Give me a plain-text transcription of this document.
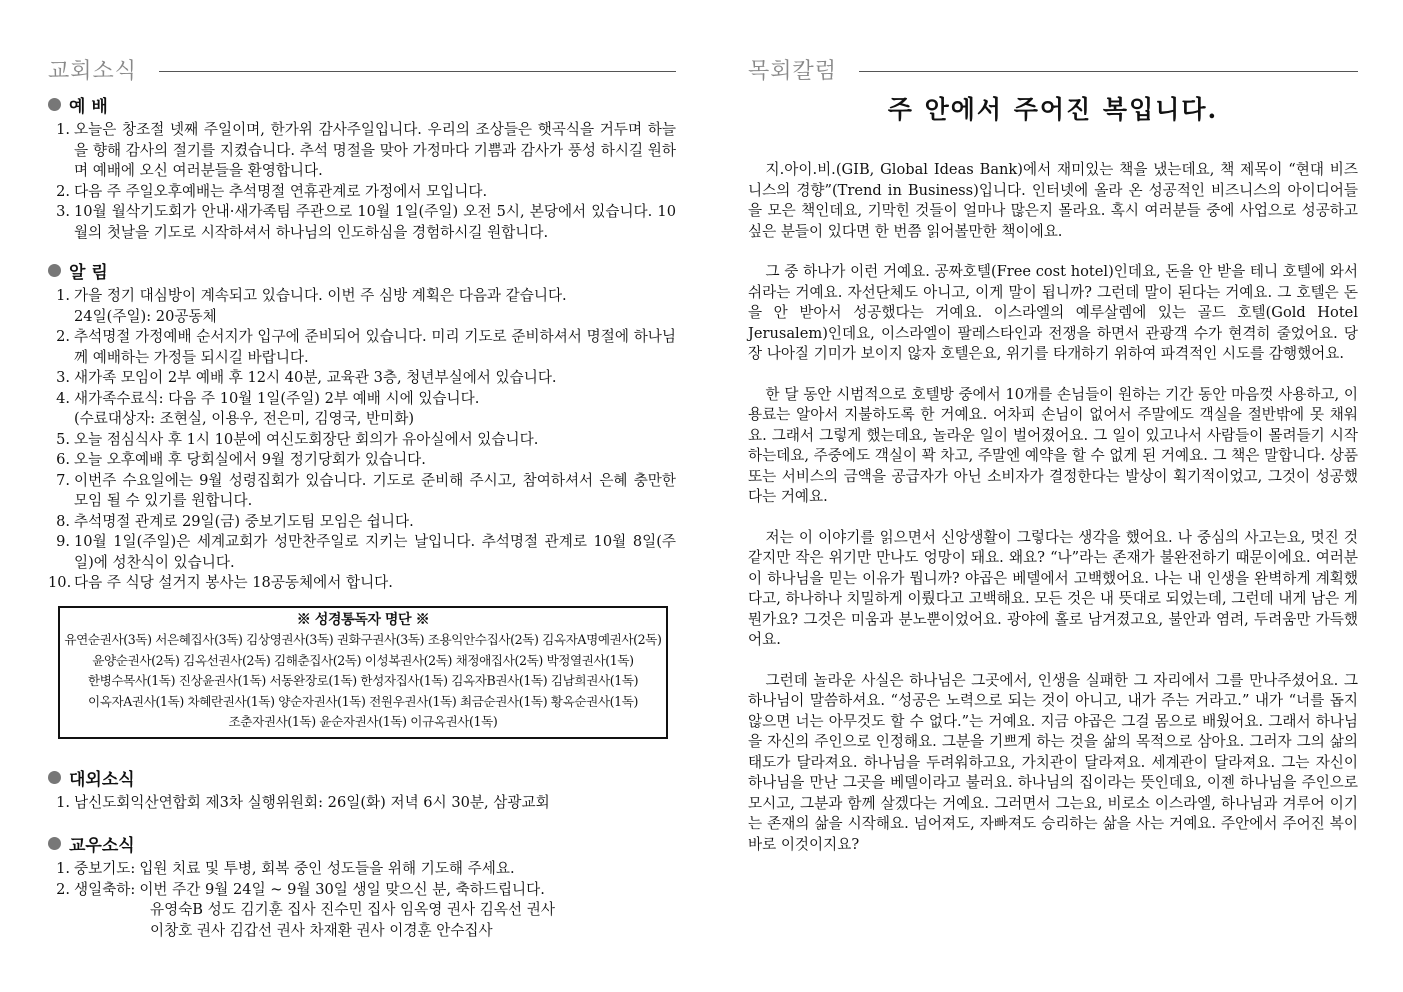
교회소식
예 배
1. 오늘은 창조절 넷째 주일이며, 한가위 감사주일입니다. 우리의 조상들은 햇곡식을 거두며 하늘을 향해 감사의 절기를 지켰습니다. 추석 명절을 맞아 가정마다 기쁨과 감사가 풍성 하시길 원하며 예배에 오신 여러분들을 환영합니다.
2. 다음 주 주일오후예배는 추석명절 연휴관계로 가정에서 모입니다.
3. 10월 월삭기도회가 안내·새가족팀 주관으로 10월 1일(주일) 오전 5시, 본당에서 있습니다. 10월의 첫날을 기도로 시작하셔서 하나님의 인도하심을 경험하시길 원합니다.
알 림
1. 가을 정기 대심방이 계속되고 있습니다. 이번 주 심방 계획은 다음과 같습니다.
24일(주일): 20공동체
2. 추석명절 가정예배 순서지가 입구에 준비되어 있습니다. 미리 기도로 준비하셔서 명절에 하나님께 예배하는 가정들 되시길 바랍니다.
3. 새가족 모임이 2부 예배 후 12시 40분, 교육관 3층, 청년부실에서 있습니다.
4. 새가족수료식: 다음 주 10월 1일(주일) 2부 예배 시에 있습니다.
(수료대상자: 조현실, 이용우, 전은미, 김영국, 반미화)
5. 오늘 점심식사 후 1시 10분에 여신도회장단 회의가 유아실에서 있습니다.
6. 오늘 오후예배 후 당회실에서 9월 정기당회가 있습니다.
7. 이번주 수요일에는 9월 성령집회가 있습니다. 기도로 준비해 주시고, 참여하셔서 은혜 충만한 모임 될 수 있기를 원합니다.
8. 추석명절 관계로 29일(금) 중보기도팀 모임은 쉽니다.
9. 10월 1일(주일)은 세계교회가 성만찬주일로 지키는 날입니다. 추석명절 관계로 10월 8일(주일)에 성찬식이 있습니다.
10. 다음 주 식당 설거지 봉사는 18공동체에서 합니다.
※ 성경통독자 명단 ※
유연순권사(3독) 서은혜집사(3독) 김상영권사(3독) 권화구권사(3독) 조용익안수집사(2독) 김옥자A명예권사(2독)
윤양순권사(2독) 김옥선권사(2독) 김해춘집사(2독) 이성복권사(2독) 채정애집사(2독) 박정열권사(1독)
한병수목사(1독) 진상윤권사(1독) 서동완장로(1독) 한성자집사(1독) 김옥자B권사(1독) 김남희권사(1독)
이옥자A권사(1독) 차혜란권사(1독) 양순자권사(1독) 전원우권사(1독) 최금순권사(1독) 황옥순권사(1독)
조춘자권사(1독) 윤순자권사(1독) 이규옥권사(1독)
대외소식
1. 남신도회익산연합회 제3차 실행위원회: 26일(화) 저녁 6시 30분, 삼광교회
교우소식
1. 중보기도: 입원 치료 및 투병, 회복 중인 성도들을 위해 기도해 주세요.
2. 생일축하: 이번 주간 9월 24일 ~ 9월 30일 생일 맞으신 분, 축하드립니다.
유영숙B 성도 김기훈 집사 진수민 집사 임옥영 권사 김옥선 권사
이창호 권사 김갑선 권사 차재환 권사 이경훈 안수집사
목회칼럼
주 안에서 주어진 복입니다.

지.아이.비.(GIB, Global Ideas Bank)에서 재미있는 책을 냈는데요, 책 제목이 “현대 비즈니스의 경향”(Trend in Business)입니다. 인터넷에 올라 온 성공적인 비즈니스의 아이디어들을 모은 책인데요, 기막힌 것들이 얼마나 많은지 몰라요. 혹시 여러분들 중에 사업으로 성공하고 싶은 분들이 있다면 한 번쯤 읽어볼만한 책이에요.

그 중 하나가 이런 거예요. 공짜호텔(Free cost hotel)인데요, 돈을 안 받을 테니 호텔에 와서 쉬라는 거예요. 자선단체도 아니고, 이게 말이 됩니까? 그런데 말이 된다는 거예요. 그 호텔은 돈을 안 받아서 성공했다는 거예요. 이스라엘의 예루살렘에 있는 골드 호텔(Gold Hotel Jerusalem)인데요, 이스라엘이 팔레스타인과 전쟁을 하면서 관광객 수가 현격히 줄었어요. 당장 나아질 기미가 보이지 않자 호텔은요, 위기를 타개하기 위하여 파격적인 시도를 감행했어요.

한 달 동안 시범적으로 호텔방 중에서 10개를 손님들이 원하는 기간 동안 마음껏 사용하고, 이용료는 알아서 지불하도록 한 거예요. 어차피 손님이 없어서 주말에도 객실을 절반밖에 못 채워요. 그래서 그렇게 했는데요, 놀라운 일이 벌어졌어요. 그 일이 있고나서 사람들이 몰려들기 시작하는데요, 주중에도 객실이 꽉 차고, 주말엔 예약을 할 수 없게 된 거예요. 그 책은 말합니다. 상품 또는 서비스의 금액을 공급자가 아닌 소비자가 결정한다는 발상이 획기적이었고, 그것이 성공했다는 거예요.

저는 이 이야기를 읽으면서 신앙생활이 그렇다는 생각을 했어요. 나 중심의 사고는요, 멋진 것 같지만 작은 위기만 만나도 엉망이 돼요. 왜요? “나”라는 존재가 불완전하기 때문이에요. 여러분이 하나님을 믿는 이유가 뭡니까? 야곱은 베델에서 고백했어요. 나는 내 인생을 완벽하게 계획했다고, 하나하나 치밀하게 이뤘다고 고백해요. 모든 것은 내 뜻대로 되었는데, 그런데 내게 남은 게 뭔가요? 그것은 미움과 분노뿐이었어요. 광야에 홀로 남겨졌고요, 불안과 염려, 두려움만 가득했어요.

그런데 놀라운 사실은 하나님은 그곳에서, 인생을 실패한 그 자리에서 그를 만나주셨어요. 그 하나님이 말씀하셔요. “성공은 노력으로 되는 것이 아니고, 내가 주는 거라고.” 내가 “너를 돕지 않으면 너는 아무것도 할 수 없다.”는 거예요. 지금 야곱은 그걸 몸으로 배웠어요. 그래서 하나님을 자신의 주인으로 인정해요. 그분을 기쁘게 하는 것을 삶의 목적으로 삼아요. 그러자 그의 삶의 태도가 달라져요. 하나님을 두려워하고요, 가치관이 달라져요. 세계관이 달라져요. 그는 자신이 하나님을 만난 그곳을 베델이라고 불러요. 하나님의 집이라는 뜻인데요, 이젠 하나님을 주인으로 모시고, 그분과 함께 살겠다는 거예요. 그러면서 그는요, 비로소 이스라엘, 하나님과 겨루어 이기는 존재의 삶을 시작해요. 넘어져도, 자빠져도 승리하는 삶을 사는 거예요. 주안에서 주어진 복이 바로 이것이지요?
